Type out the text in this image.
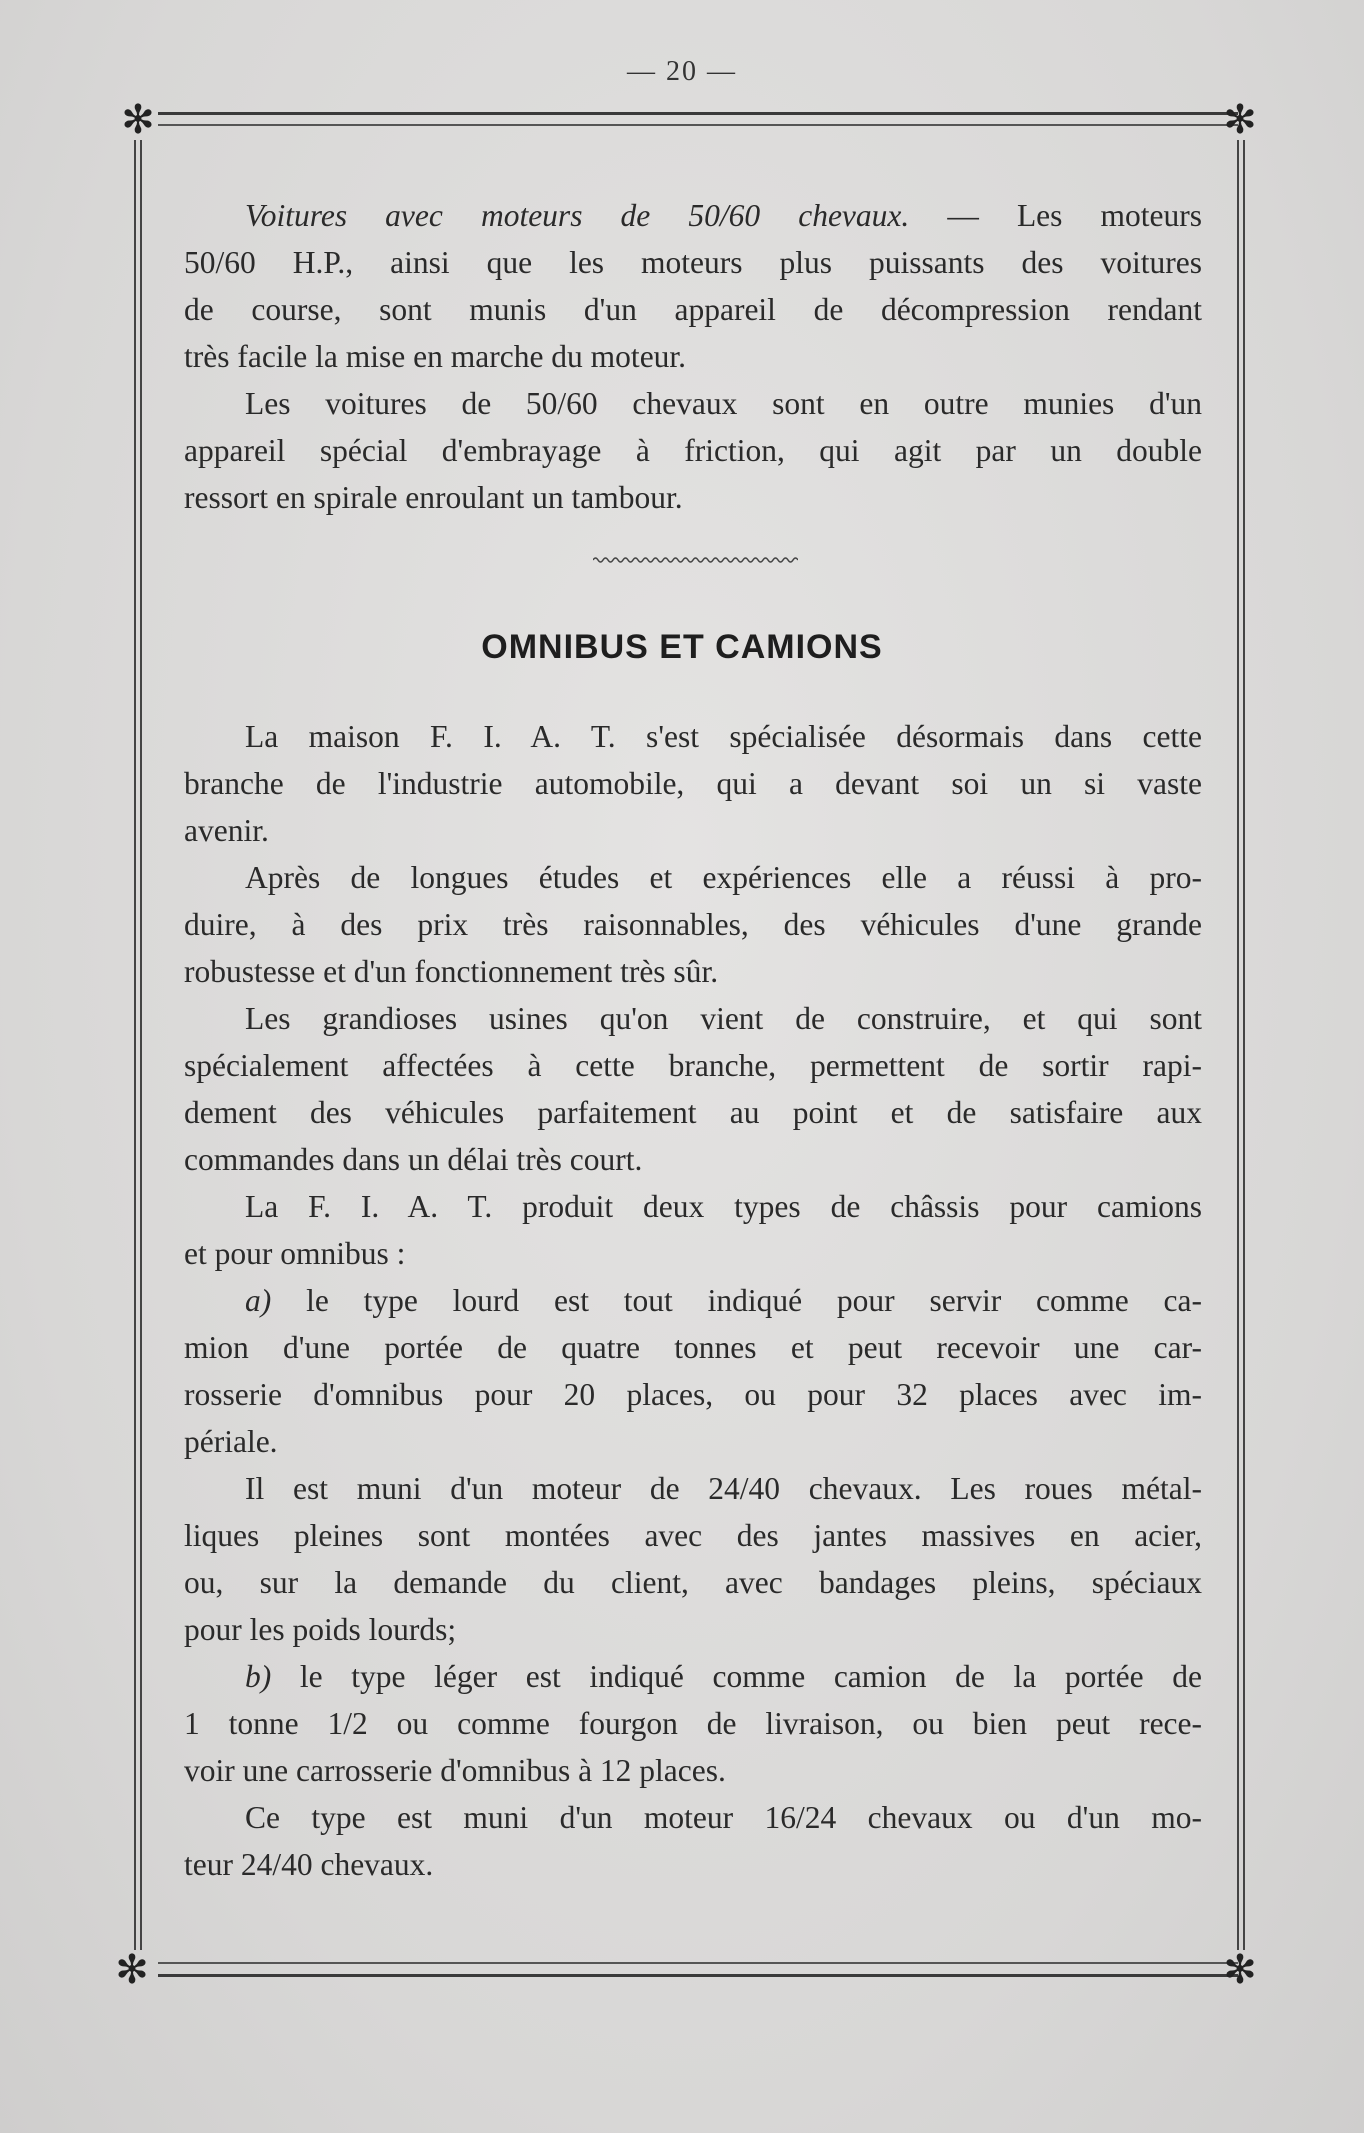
— 20 —
✻	✻
✻	✻

Voitures avec moteurs de 50/60 chevaux. — Les moteurs
50/60 H.P., ainsi que les moteurs plus puissants des voitures
de course, sont munis d'un appareil de décompression rendant
très facile la mise en marche du moteur.

Les voitures de 50/60 chevaux sont en outre munies d'un
appareil spécial d'embrayage à friction, qui agit par un double
ressort en spirale enroulant un tambour.

OMNIBUS ET CAMIONS

La maison F. I. A. T. s'est spécialisée désormais dans cette
branche de l'industrie automobile, qui a devant soi un si vaste
avenir.

Après de longues études et expériences elle a réussi à pro-
duire, à des prix très raisonnables, des véhicules d'une grande
robustesse et d'un fonctionnement très sûr.

Les grandioses usines qu'on vient de construire, et qui sont
spécialement affectées à cette branche, permettent de sortir rapi-
dement des véhicules parfaitement au point et de satisfaire aux
commandes dans un délai très court.

La F. I. A. T. produit deux types de châssis pour camions
et pour omnibus :

a) le type lourd est tout indiqué pour servir comme ca-
mion d'une portée de quatre tonnes et peut recevoir une car-
rosserie d'omnibus pour 20 places, ou pour 32 places avec im-
périale.

Il est muni d'un moteur de 24/40 chevaux. Les roues métal-
liques pleines sont montées avec des jantes massives en acier,
ou, sur la demande du client, avec bandages pleins, spéciaux
pour les poids lourds;

b) le type léger est indiqué comme camion de la portée de
1 tonne 1/2 ou comme fourgon de livraison, ou bien peut rece-
voir une carrosserie d'omnibus à 12 places.

Ce type est muni d'un moteur 16/24 chevaux ou d'un mo-
teur 24/40 chevaux.
